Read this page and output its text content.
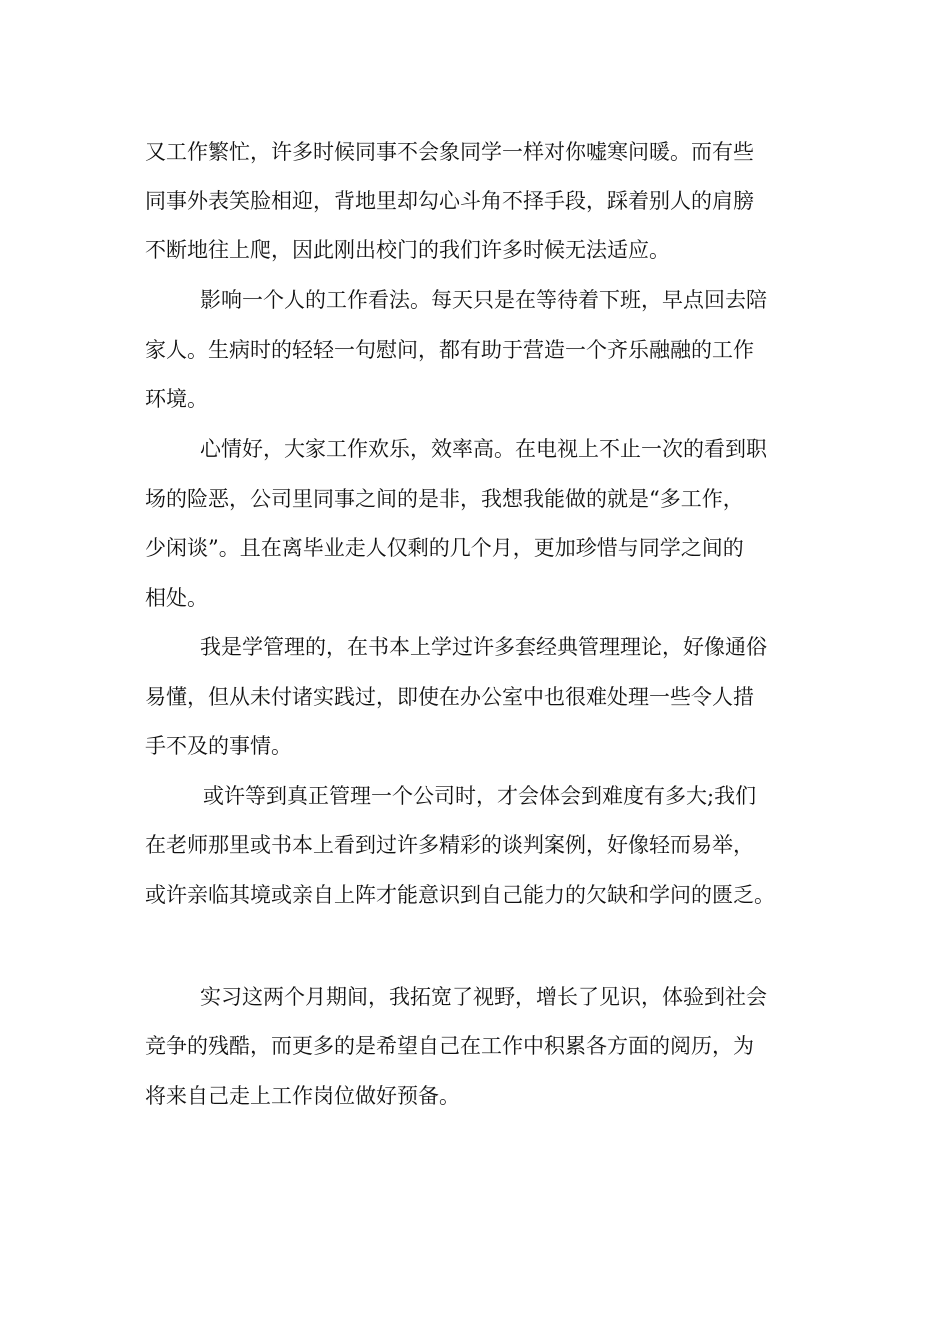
又工作繁忙，许多时候同事不会象同学一样对你嘘寒问暖。而有些

同事外表笑脸相迎，背地里却勾心斗角不择手段，踩着别人的肩膀

不断地往上爬，因此刚出校门的我们许多时候无法适应。

影响一个人的工作看法。每天只是在等待着下班，早点回去陪

家人。生病时的轻轻一句慰问，都有助于营造一个齐乐融融的工作

环境。

心情好，大家工作欢乐，效率高。在电视上不止一次的看到职

场的险恶，公司里同事之间的是非，我想我能做的就是“多工作，

少闲谈”。且在离毕业走人仅剩的几个月，更加珍惜与同学之间的

相处。

我是学管理的，在书本上学过许多套经典管理理论，好像通俗

易懂，但从未付诸实践过，即使在办公室中也很难处理一些令人措

手不及的事情。

或许等到真正管理一个公司时，才会体会到难度有多大;我们

在老师那里或书本上看到过许多精彩的谈判案例，好像轻而易举，

或许亲临其境或亲自上阵才能意识到自己能力的欠缺和学问的匮乏。

实习这两个月期间，我拓宽了视野，增长了见识，体验到社会

竞争的残酷，而更多的是希望自己在工作中积累各方面的阅历，为

将来自己走上工作岗位做好预备。
